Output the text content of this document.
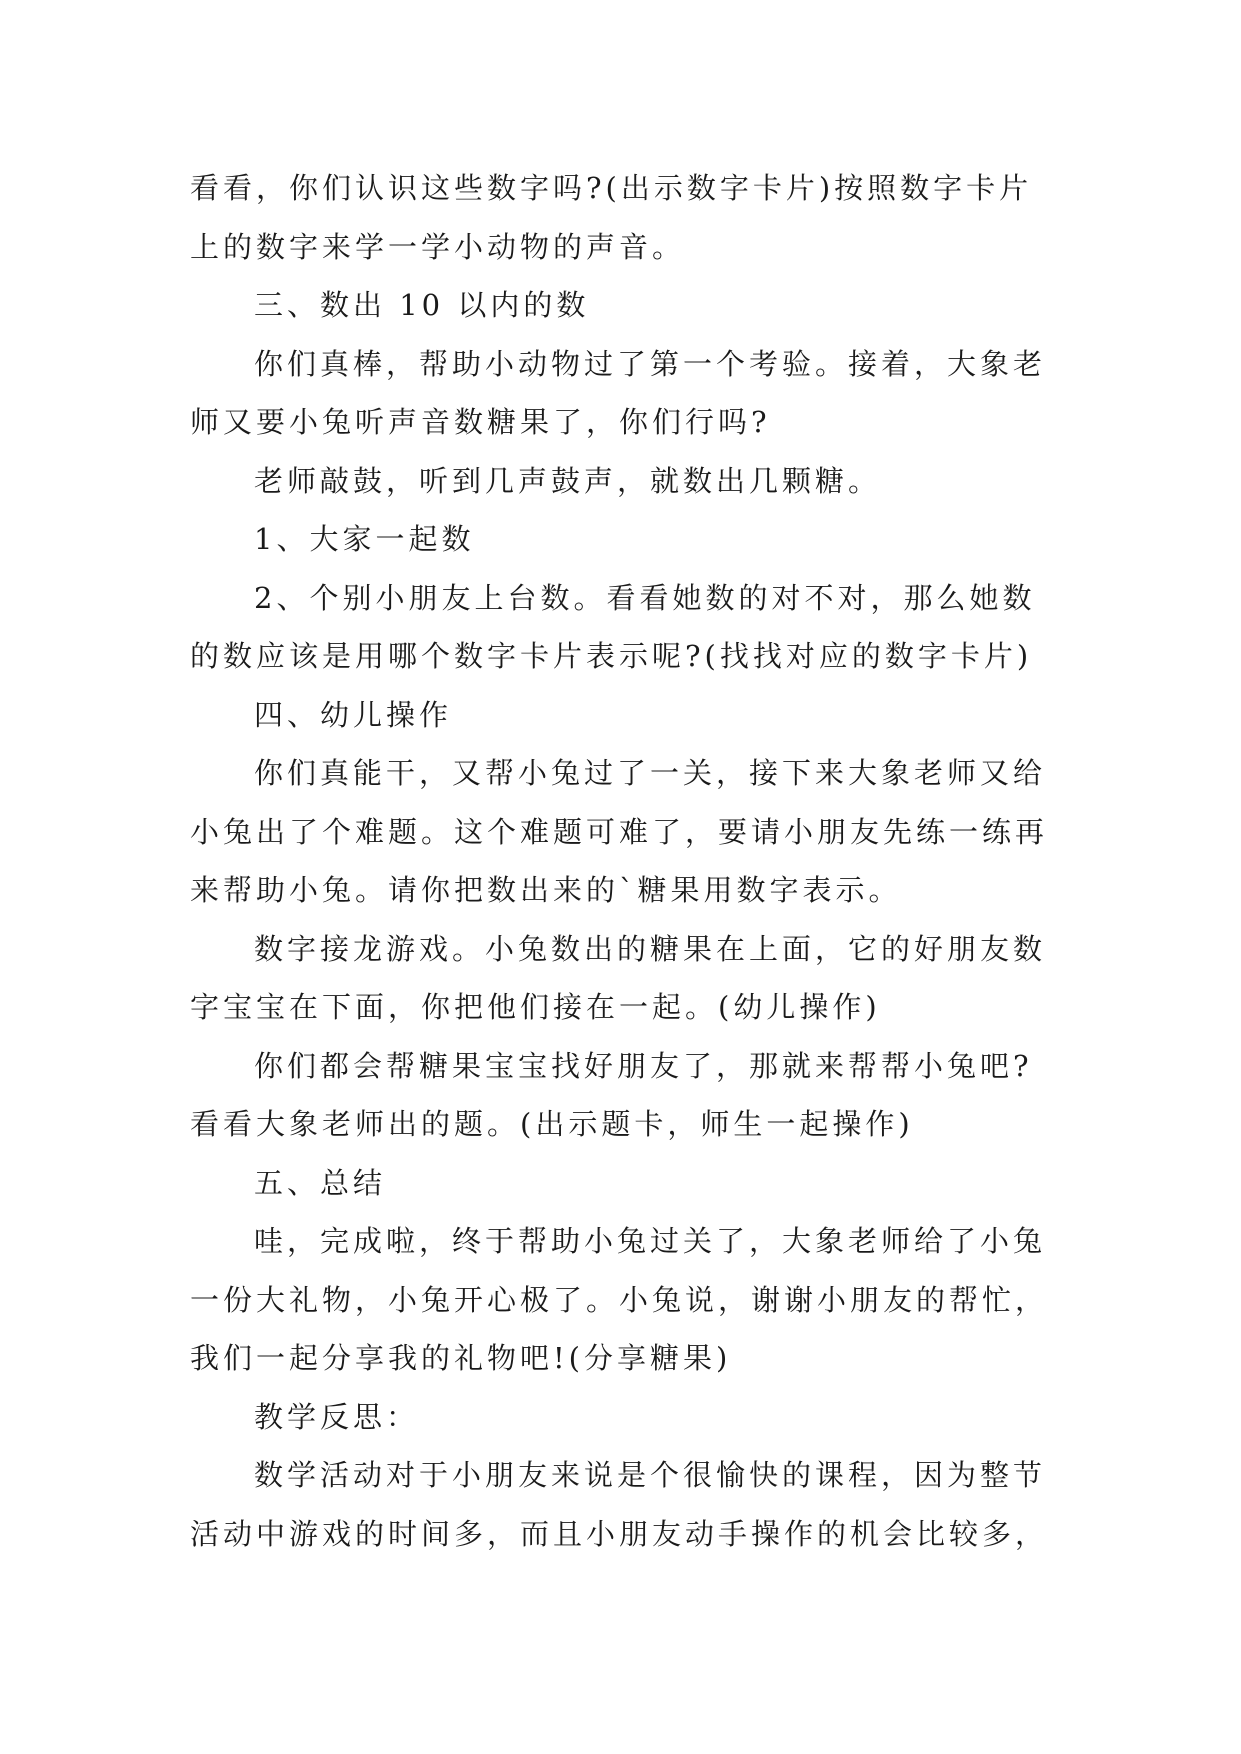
看看，你们认识这些数字吗?(出示数字卡片)按照数字卡片
上的数字来学一学小动物的声音。
三、数出 10 以内的数
你们真棒，帮助小动物过了第一个考验。接着，大象老
师又要小兔听声音数糖果了，你们行吗?
老师敲鼓，听到几声鼓声，就数出几颗糖。
1、大家一起数
2、个别小朋友上台数。看看她数的对不对，那么她数
的数应该是用哪个数字卡片表示呢?(找找对应的数字卡片)
四、幼儿操作
你们真能干，又帮小兔过了一关，接下来大象老师又给
小兔出了个难题。这个难题可难了，要请小朋友先练一练再
来帮助小兔。请你把数出来的`糖果用数字表示。
数字接龙游戏。小兔数出的糖果在上面，它的好朋友数
字宝宝在下面，你把他们接在一起。(幼儿操作)
你们都会帮糖果宝宝找好朋友了，那就来帮帮小兔吧?
看看大象老师出的题。(出示题卡，师生一起操作)
五、总结
哇，完成啦，终于帮助小兔过关了，大象老师给了小兔
一份大礼物，小兔开心极了。小兔说，谢谢小朋友的帮忙，
我们一起分享我的礼物吧!(分享糖果)
教学反思：
数学活动对于小朋友来说是个很愉快的课程，因为整节
活动中游戏的时间多，而且小朋友动手操作的机会比较多，
